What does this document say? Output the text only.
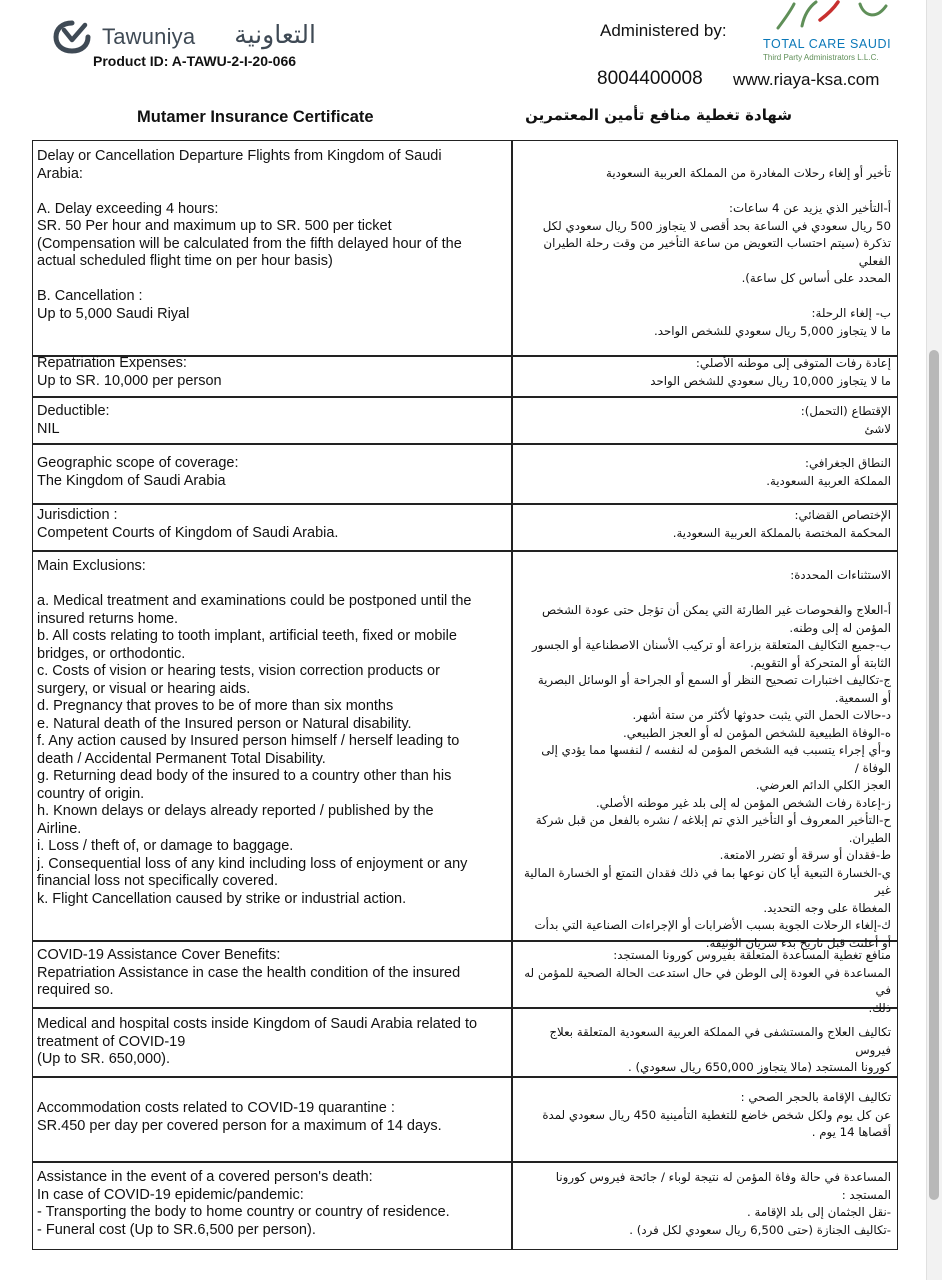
Tawuniya	التعاونية
Product ID: A-TAWU-2-I-20-066
Administered by:
TOTAL CARE SAUDI
Third Party Administrators L.L.C.
8004400008 www.riaya-ksa.com
Mutamer Insurance Certificate	شهادة تغطية منافع تأمين المعتمرين

Delay or Cancellation Departure Flights from Kingdom of Saudi
Arabia:

A. Delay exceeding 4 hours:
SR. 50 Per hour and maximum up to SR. 500 per ticket
(Compensation will be calculated from the fifth delayed hour of the
actual scheduled flight time on per hour basis)

B. Cancellation :
Up to 5,000 Saudi Riyal

تأخير أو إلغاء رحلات المغادرة من المملكة العربية السعودية

أ-التأخير الذي يزيد عن 4 ساعات:
50 ريال سعودي في الساعة بحد أقصى لا يتجاوز 500 ريال سعودي لكل
تذكرة (سيتم احتساب التعويض من ساعة التأخير من وقت رحلة الطيران الفعلي
المحدد على أساس كل ساعة).

ب- إلغاء الرحلة:
ما لا يتجاوز 5,000 ريال سعودي للشخص الواحد.

Repatriation Expenses:
Up to SR. 10,000 per person

إعادة رفات المتوفى إلى موطنه الأصلي:
ما لا يتجاوز 10,000 ريال سعودي للشخص الواحد

Deductible:
NIL

الإقتطاع (التحمل):
لاشئ

Geographic scope of coverage:
The Kingdom of Saudi Arabia

النطاق الجغرافي:
المملكة العربية السعودية.

Jurisdiction :
Competent Courts of Kingdom of Saudi Arabia.

الإختصاص القضائي:
المحكمة المختصة بالمملكة العربية السعودية.

Main Exclusions:

a. Medical treatment and examinations could be postponed until the
insured returns home.
b. All costs relating to tooth implant, artificial teeth, fixed or mobile
bridges, or orthodontic.
c. Costs of vision or hearing tests, vision correction products or
surgery, or visual or hearing aids.
d. Pregnancy that proves to be of more than six months
e. Natural death of the Insured person or Natural disability.
f. Any action caused by Insured person himself / herself leading to
death / Accidental Permanent Total Disability.
g. Returning dead body of the insured to a country other than his
country of origin.
h. Known delays or delays already reported / published by the
Airline.
i. Loss / theft of, or damage to baggage.
j. Consequential loss of any kind including loss of enjoyment or any
financial loss not specifically covered.
k. Flight Cancellation caused by strike or industrial action.

الاستثناءات المحددة:

أ-العلاج والفحوصات غير الطارئة التي يمكن أن تؤجل حتى عودة الشخص
المؤمن له إلى وطنه.
ب-جميع التكاليف المتعلقة بزراعة أو تركيب الأسنان الاصطناعية أو الجسور
الثابتة أو المتحركة أو التقويم.
ج-تكاليف اختبارات تصحيح النظر أو السمع أو الجراحة أو الوسائل البصرية
أو السمعية.
د-حالات الحمل التي يثبت حدوثها لأكثر من ستة أشهر.
ه-الوفاة الطبيعية للشخص المؤمن له أو العجز الطبيعي.
و-أي إجراء يتسبب فيه الشخص المؤمن له لنفسه / لنفسها مما يؤدي إلى الوفاة /
العجز الكلي الدائم العرضي.
ز-إعادة رفات الشخص المؤمن له إلى بلد غير موطنه الأصلي.
ح-التأخير المعروف أو التأخير الذي تم إبلاغه / نشره بالفعل من قبل شركة
الطيران.
ط-فقدان أو سرقة أو تضرر الامتعة.
ي-الخسارة التبعية أيا كان نوعها بما في ذلك فقدان التمتع أو الخسارة المالية غير
المغطاة على وجه التحديد.
ك-إلغاء الرحلات الجوية بسبب الأضرابات أو الإجراءات الصناعية التي بدأت
أو أعلنت قبل تاريخ بدء سريان الوثيقة.

COVID-19 Assistance Cover Benefits:
Repatriation Assistance in case the health condition of the insured
required so.

منافع تغطية المساعدة المتعلقة بفيروس كورونا المستجد:
المساعدة في العودة إلى الوطن في حال استدعت الحالة الصحية للمؤمن له في
ذلك.

Medical and hospital costs inside Kingdom of Saudi Arabia related to
treatment of COVID-19
(Up to SR. 650,000).

تكاليف العلاج والمستشفى في المملكة العربية السعودية المتعلقة بعلاج فيروس
كورونا المستجد (مالا يتجاوز 650,000 ريال سعودي) .

Accommodation costs related to COVID-19 quarantine :
SR.450 per day per covered person for a maximum of 14 days.

تكاليف الإقامة بالحجر الصحي :
عن كل يوم ولكل شخص خاضع للتغطية التأمينية 450 ريال سعودي لمدة
أقصاها 14 يوم .

Assistance in the event of a covered person's death:
In case of COVID-19 epidemic/pandemic:
- Transporting the body to home country or country of residence.
- Funeral cost (Up to SR.6,500 per person).

المساعدة في حالة وفاة المؤمن له نتيجة لوباء / جائحة فيروس كورونا المستجد :
-نقل الجثمان إلى بلد الإقامة .
-تكاليف الجنازة (حتى 6,500 ريال سعودي لكل فرد) .
